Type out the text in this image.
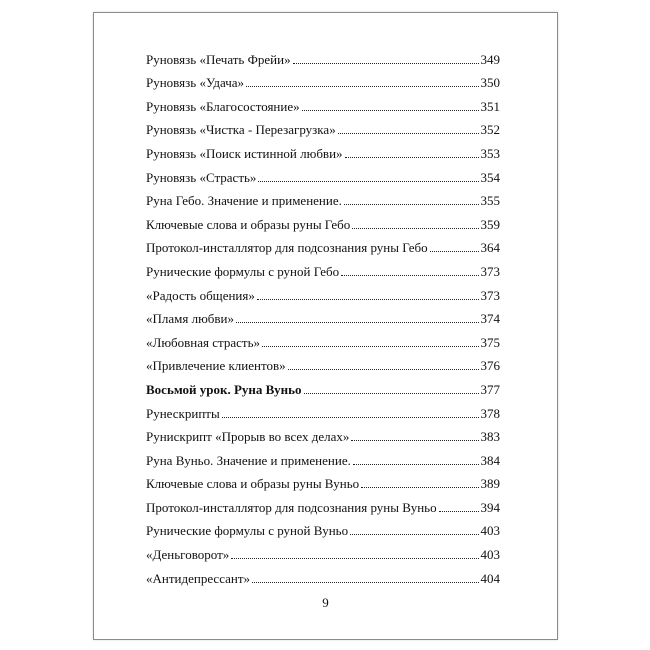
Руновязь «Печать Фрейи»	349
Руновязь «Удача»	350
Руновязь «Благосостояние»	351
Руновязь «Чистка - Перезагрузка»	352
Руновязь «Поиск истинной любви»	353
Руновязь «Страсть»	354
Руна Гебо. Значение и применение.	355
Ключевые слова и образы руны Гебо	359
Протокол-инсталлятор для подсознания руны Гебо	364
Рунические формулы с руной Гебо	373
«Радость общения»	373
«Пламя любви»	374
«Любовная страсть»	375
«Привлечение клиентов»	376
Восьмой урок. Руна Вуньо	377
Рунескрипты	378
Рунискрипт «Прорыв во всех делах»	383
Руна Вуньо. Значение и применение.	384
Ключевые слова и образы руны Вуньо	389
Протокол-инсталлятор для подсознания руны Вуньо	394
Рунические формулы с руной Вуньо	403
«Деньговорот»	403
«Антидепрессант»	404
9
